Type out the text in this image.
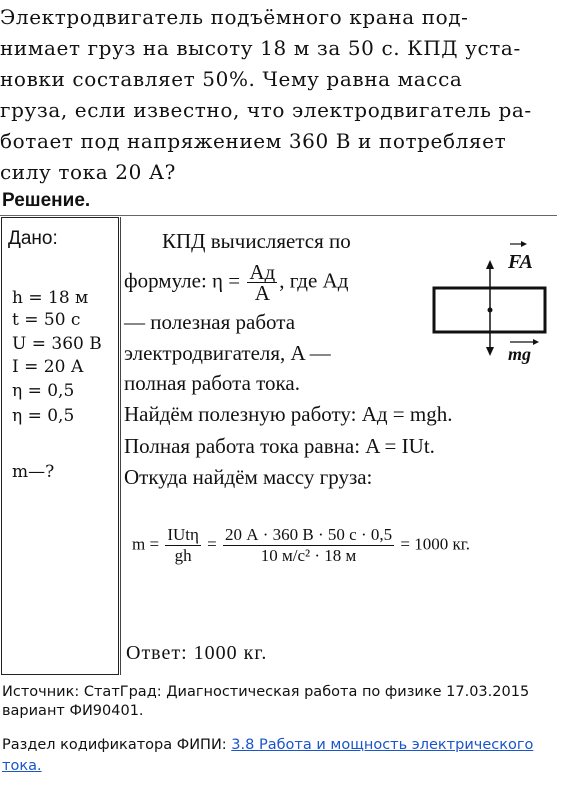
Электродвигатель подъёмного крана под-
нимает груз на высоту 18 м за 50 с. КПД уста-
новки составляет 50%. Чему равна масса
груза, если известно, что электродвигатель ра-
ботает под напряжением 360 В и потребляет
силу тока 20 А?
Решение.
Дано:
h = 18 м
t = 50 с
U = 360 В
I = 20 А
η = 0,5
η = 0,5
m—?
КПД вычисляется по
формуле: $\eta = \frac{Aд}{A}$ , где Aд
— полезная работа
электродвигателя, A —
полная работа тока.
Найдём полезную работу: Aд = mgh.
Полная работа тока равна: A = IUt.
Откуда найдём массу груза:
$m = \frac{\text{IUtη}}{gh} = \frac{20 А \cdot 360 В \cdot 50 с \cdot 0,5}{\text{10 м/с² · 18 м}} = 1000$ кг.
Ответ: 1000 кг.
FA
mg
Источник: СтатГрад: Диагностическая работа по физике 17.03.2015 вариант ФИ90401.
Раздел кодификатора ФИПИ: 3.8 Работа и мощность электрического тока.
